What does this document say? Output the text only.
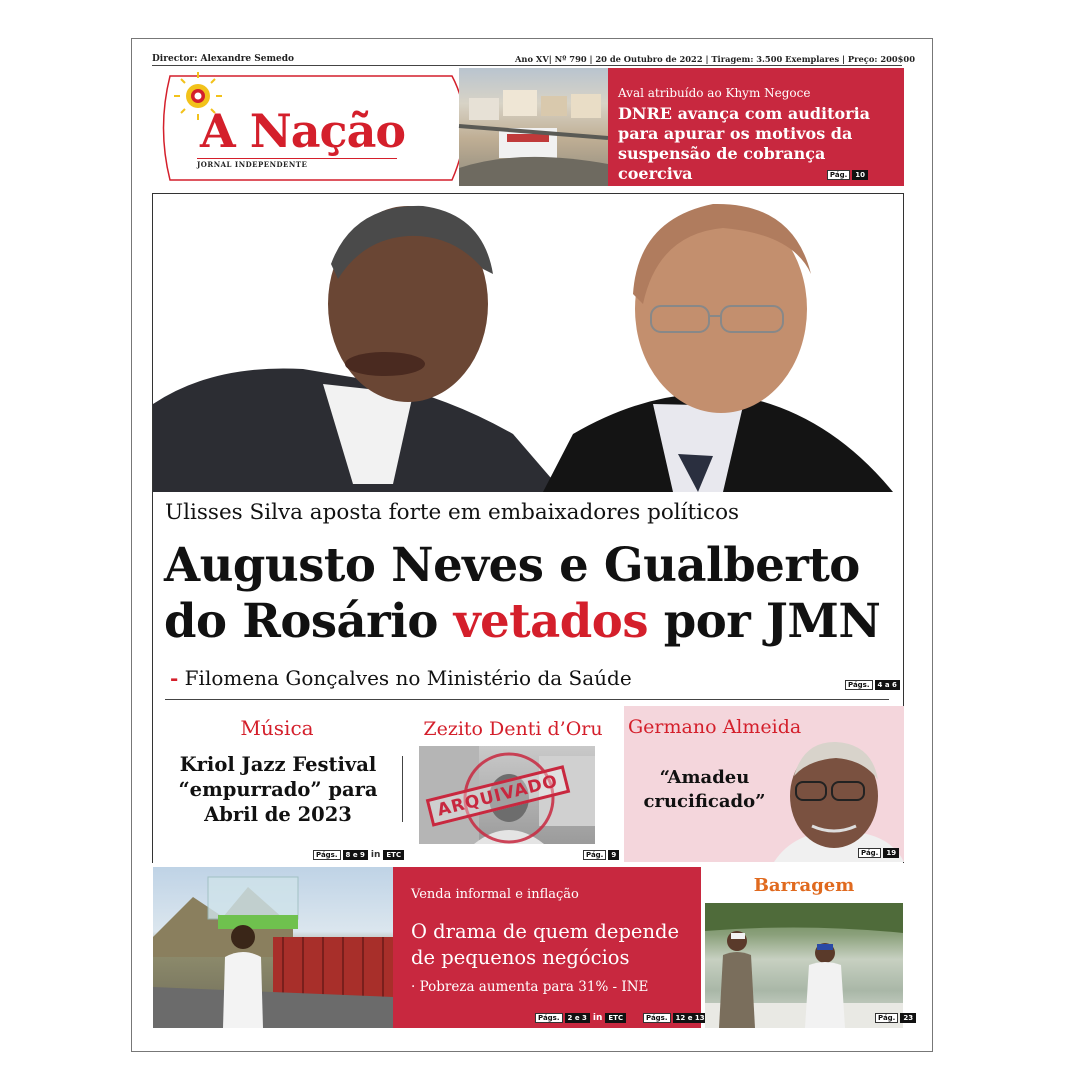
Director: Alexandre Semedo	Ano XV| Nº 790 | 20 de Outubro de 2022 | Tiragem: 3.500 Exemplares | Preço: 200$00
A Nação
JORNAL INDEPENDENTE
Aval atribuído ao Khym Negoce
DNRE avança com auditoria para apurar os motivos da suspensão de cobrança coerciva	Pág.	10
Ulisses Silva aposta forte em embaixadores políticos
Augusto Neves e Gualberto
do Rosário vetados por JMN
- Filomena Gonçalves no Ministério da Saúde	Págs.	4 a 6
Música
Kriol Jazz Festival “empurrado” para Abril de 2023
Págs.	8 e 9 in ETC
Zezito Denti d’Oru
ARQUIVADO
Pág.	9
Germano Almeida
“Amadeu crucificado”
Pág.	19
Venda informal e inflação
O drama de quem depende de pequenos negócios
· Pobreza aumenta para 31% - INE
Págs.	2 e 3 in ETC	Págs.	12 e 13
Barragem
Pág.	23
